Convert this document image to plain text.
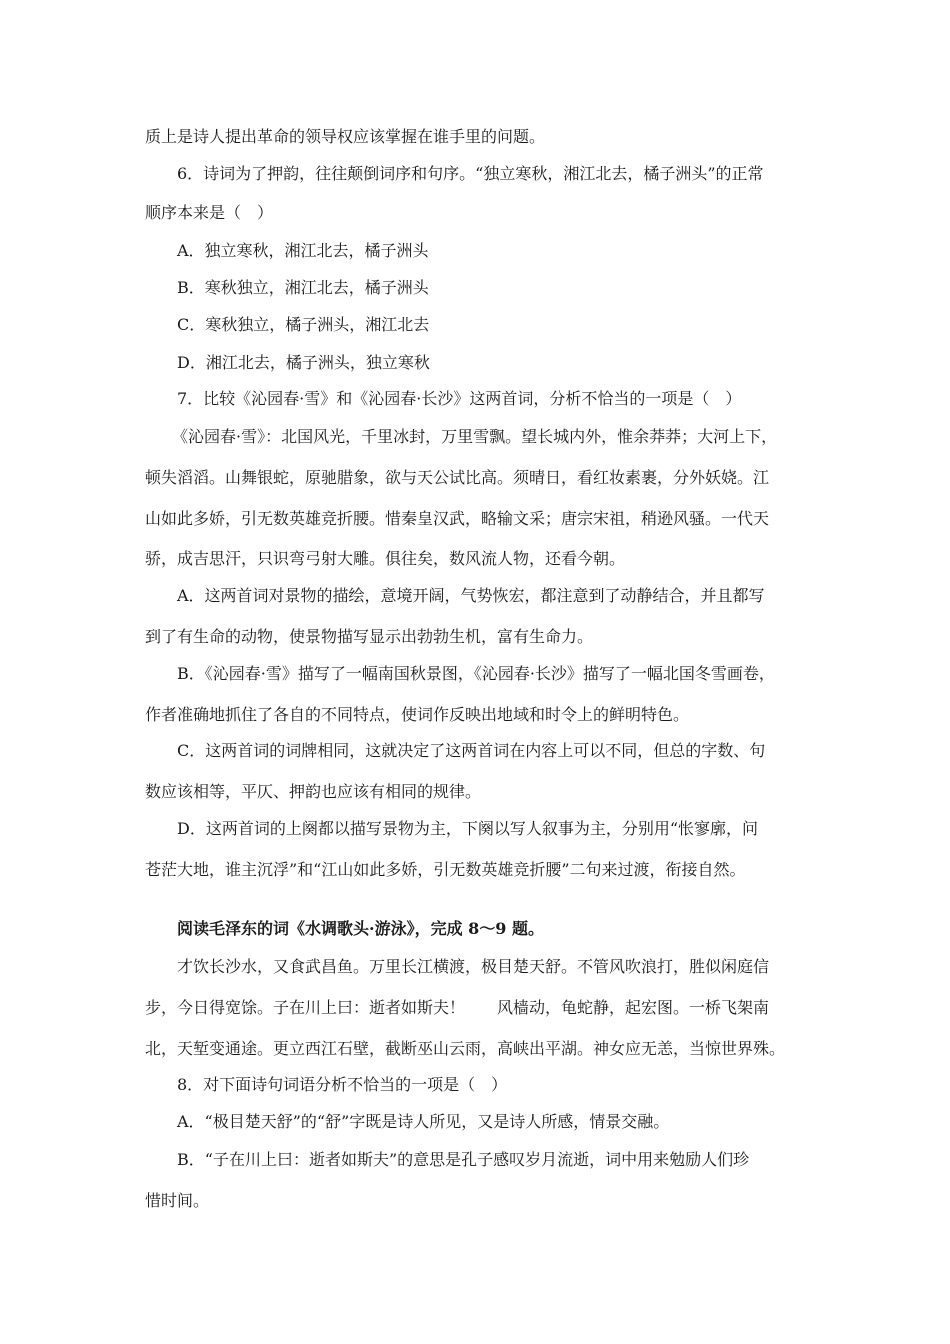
质上是诗人提出革命的领导权应该掌握在谁手里的问题。
6．诗词为了押韵，往往颠倒词序和句序。“独立寒秋，湘江北去，橘子洲头”的正常
顺序本来是（　）
A．独立寒秋，湘江北去，橘子洲头
B．寒秋独立，湘江北去，橘子洲头
C．寒秋独立，橘子洲头，湘江北去
D．湘江北去，橘子洲头，独立寒秋
7．比较《沁园春·雪》和《沁园春·长沙》这两首词，分析不恰当的一项是（　）
《沁园春·雪》：北国风光，千里冰封，万里雪飘。望长城内外，惟余莽莽；大河上下，
顿失滔滔。山舞银蛇，原驰腊象，欲与天公试比高。须晴日，看红妆素裹，分外妖娆。江
山如此多娇，引无数英雄竞折腰。惜秦皇汉武，略输文采；唐宗宋祖，稍逊风骚。一代天
骄，成吉思汗，只识弯弓射大雕。俱往矣，数风流人物，还看今朝。
A．这两首词对景物的描绘，意境开阔，气势恢宏，都注意到了动静结合，并且都写
到了有生命的动物，使景物描写显示出勃勃生机，富有生命力。
B．《沁园春·雪》描写了一幅南国秋景图，《沁园春·长沙》描写了一幅北国冬雪画卷，
作者准确地抓住了各自的不同特点，使词作反映出地域和时令上的鲜明特色。
C．这两首词的词牌相同，这就决定了这两首词在内容上可以不同，但总的字数、句
数应该相等，平仄、押韵也应该有相同的规律。
D．这两首词的上阕都以描写景物为主，下阕以写人叙事为主，分别用“怅寥廓，问
苍茫大地，谁主沉浮”和“江山如此多娇，引无数英雄竞折腰”二句来过渡，衔接自然。
阅读毛泽东的词《水调歌头·游泳》，完成 8～9 题。
才饮长沙水，又食武昌鱼。万里长江横渡，极目楚天舒。不管风吹浪打，胜似闲庭信
步，今日得宽馀。子在川上曰：逝者如斯夫！　　风樯动，龟蛇静，起宏图。一桥飞架南
北，天堑变通途。更立西江石壁，截断巫山云雨，高峡出平湖。神女应无恙，当惊世界殊。
8．对下面诗句词语分析不恰当的一项是（　）
A．“极目楚天舒”的“舒”字既是诗人所见，又是诗人所感，情景交融。
B．“子在川上曰：逝者如斯夫”的意思是孔子感叹岁月流逝，词中用来勉励人们珍
惜时间。
